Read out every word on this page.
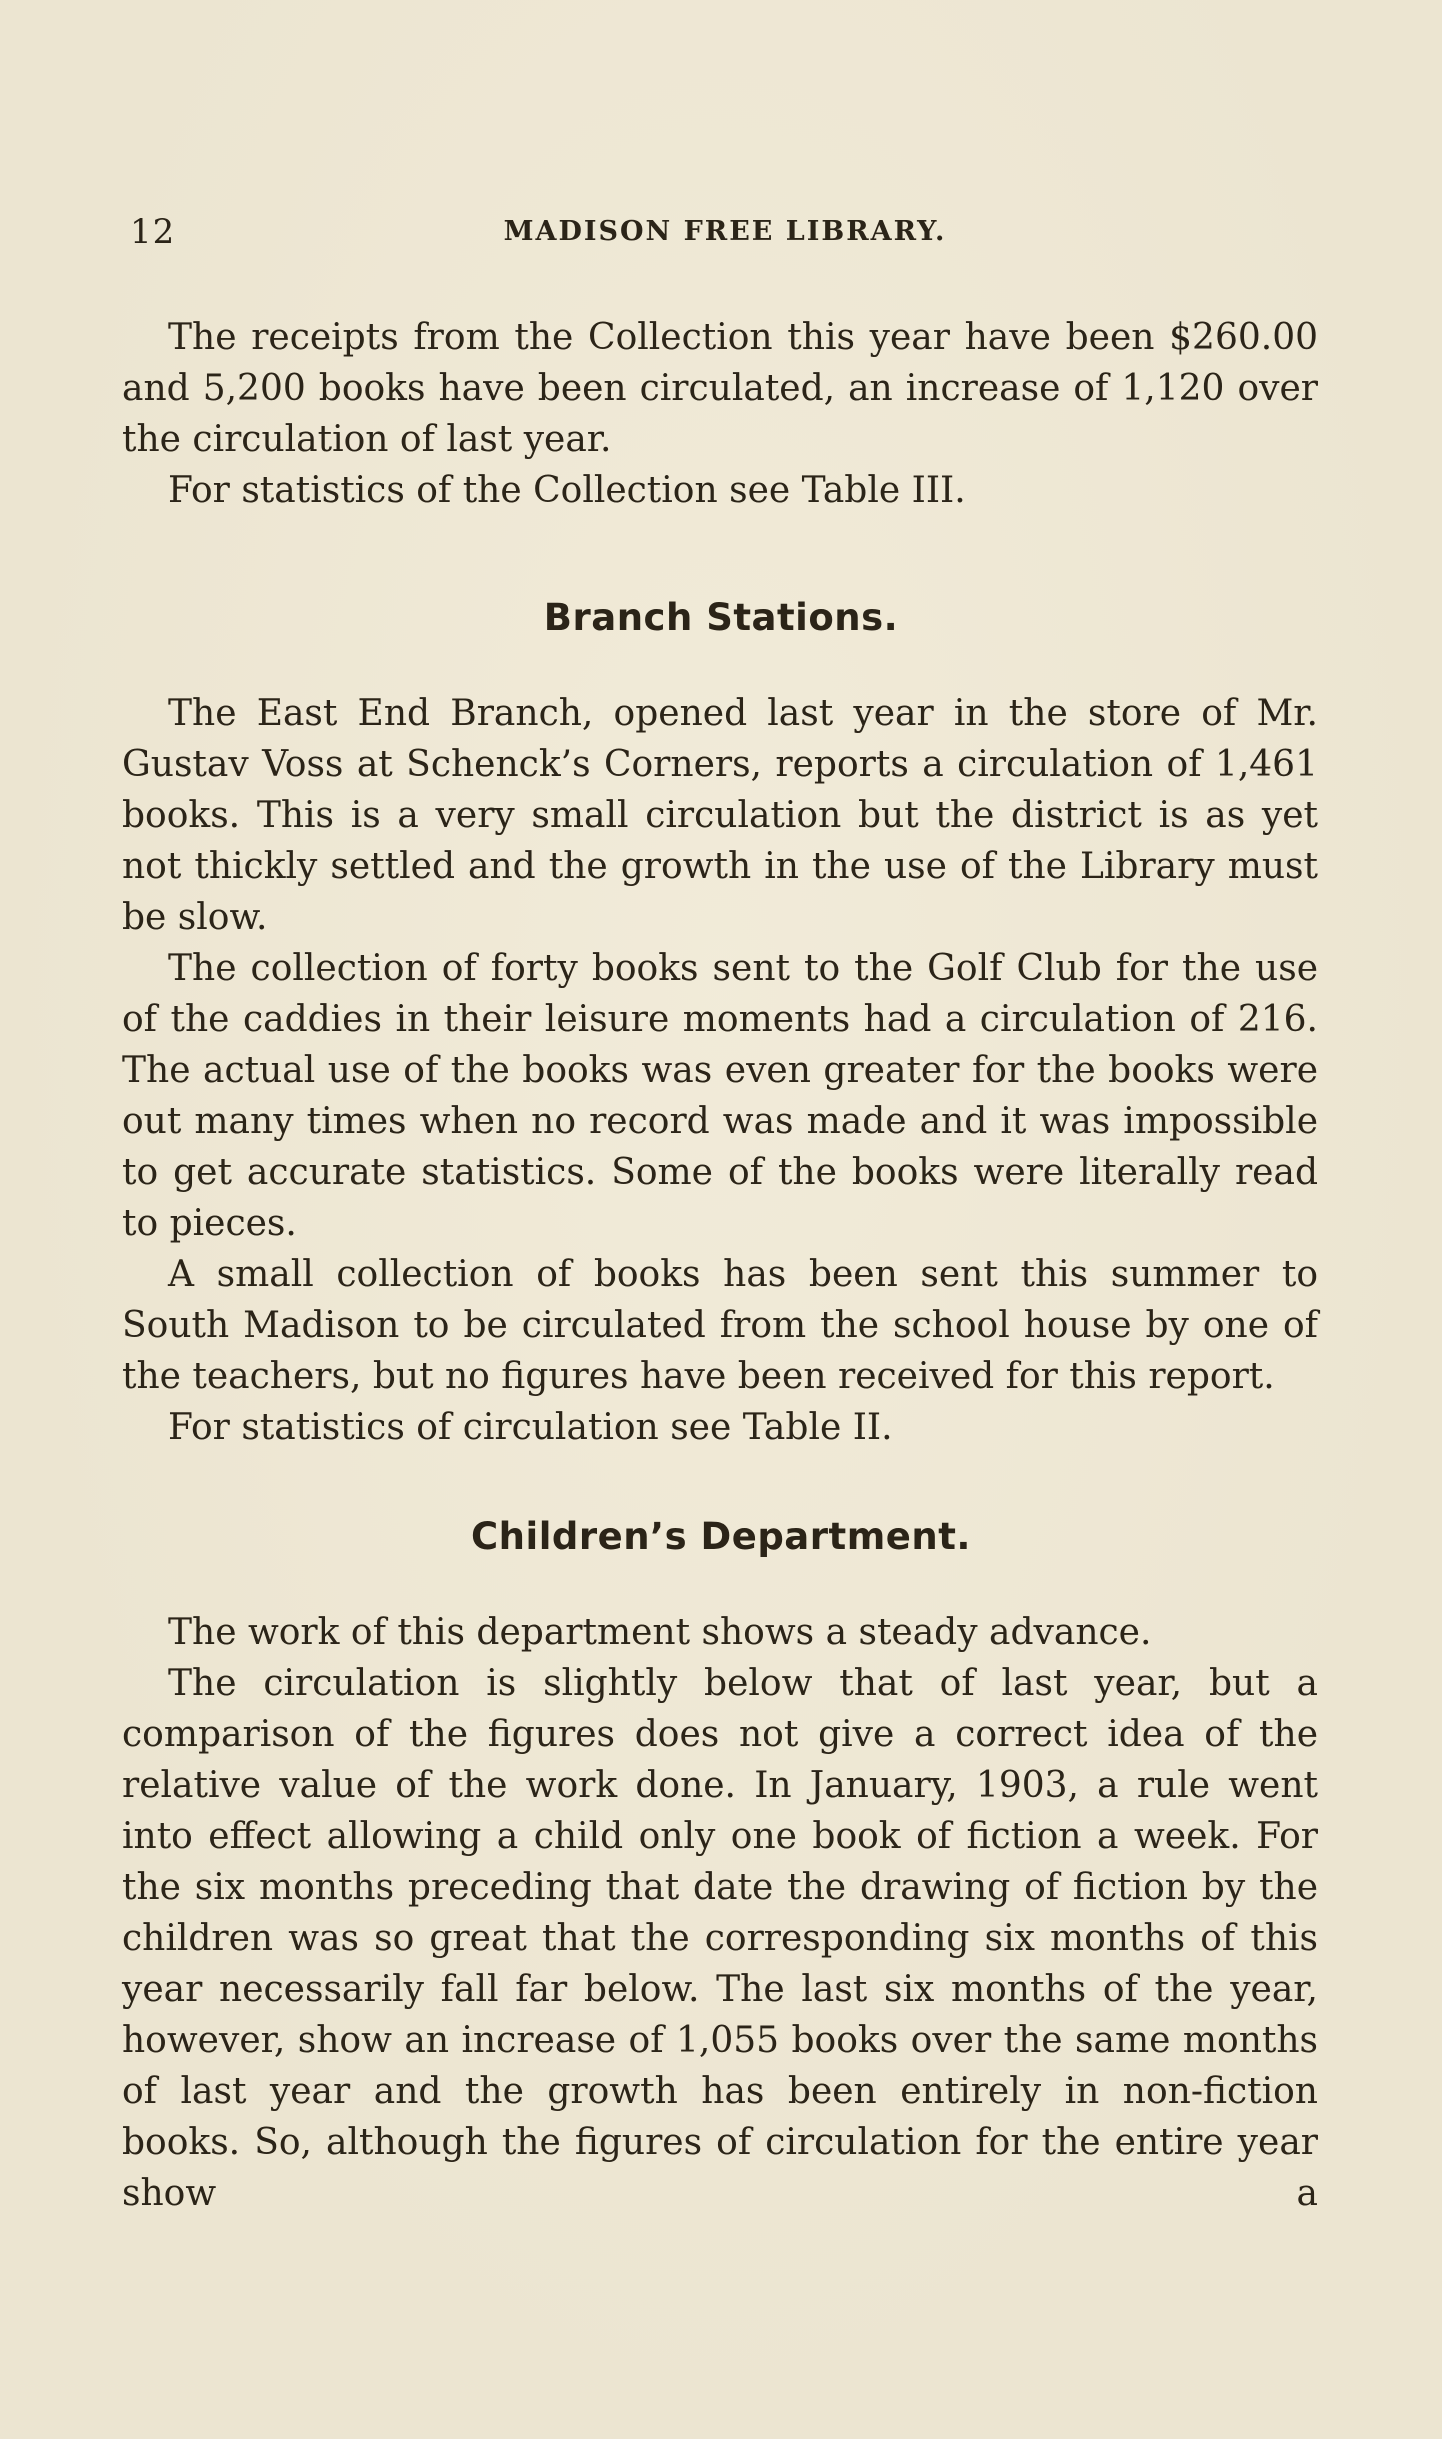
12	MADISON FREE LIBRARY.

The receipts from the Collection this year have been $260.00 and 5,200 books have been circulated, an increase of 1,120 over the circulation of last year.

For statistics of the Collection see Table III.

Branch Stations.

The East End Branch, opened last year in the store of Mr. Gustav Voss at Schenck’s Corners, reports a circulation of 1,461 books. This is a very small circulation but the district is as yet not thickly settled and the growth in the use of the Library must be slow.

The collection of forty books sent to the Golf Club for the use of the caddies in their leisure moments had a circulation of 216. The actual use of the books was even greater for the books were out many times when no record was made and it was impossible to get accurate statistics. Some of the books were literally read to pieces.

A small collection of books has been sent this summer to South Madison to be circulated from the school house by one of the teachers, but no figures have been received for this report.

For statistics of circulation see Table II.

Children’s Department.

The work of this department shows a steady advance.

The circulation is slightly below that of last year, but a comparison of the figures does not give a correct idea of the relative value of the work done. In January, 1903, a rule went into effect allowing a child only one book of fiction a week. For the six months preceding that date the drawing of fiction by the children was so great that the corresponding six months of this year necessarily fall far below. The last six months of the year, however, show an increase of 1,055 books over the same months of last year and the growth has been entirely in non-fiction books. So, although the figures of circulation for the entire year show a
